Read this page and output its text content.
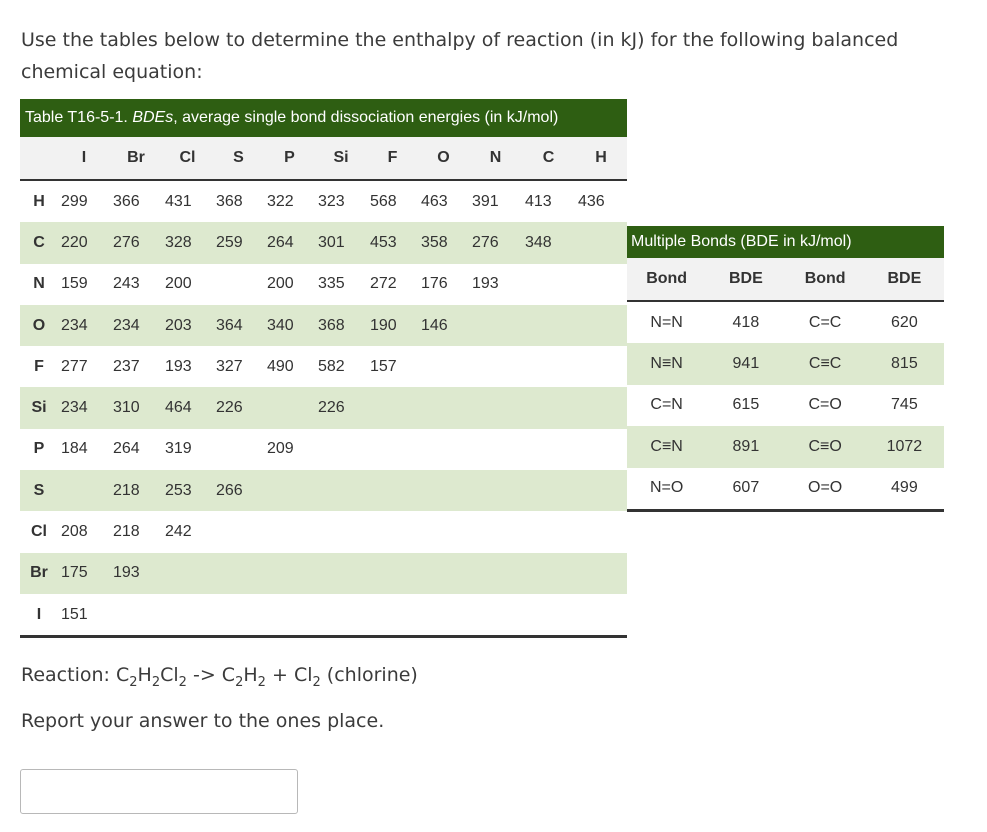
Use the tables below to determine the enthalpy of reaction (in kJ) for the following balanced chemical equation:
Table T16-5-1. BDEs, average single bond dissociation energies (in kJ/mol)
	I	Br	Cl	S	P	Si	F	O	N	C	H
H	299	366	431	368	322	323	568	463	391	413	436
C	220	276	328	259	264	301	453	358	276	348	
N	159	243	200		200	335	272	176	193		
O	234	234	203	364	340	368	190	146			
F	277	237	193	327	490	582	157				
Si	234	310	464	226		226					
P	184	264	319		209						
S		218	253	266							
Cl	208	218	242								
Br	175	193									
I	151										
Multiple Bonds (BDE in kJ/mol)
Bond	BDE	Bond	BDE
N=N	418	C=C	620
N≡N	941	C≡C	815
C=N	615	C=O	745
C≡N	891	C≡O	1072
N=O	607	O=O	499
Reaction: $C_2H_2Cl_2 -> C_2H_2 + Cl_2$ (chlorine)
Report your answer to the ones place.
